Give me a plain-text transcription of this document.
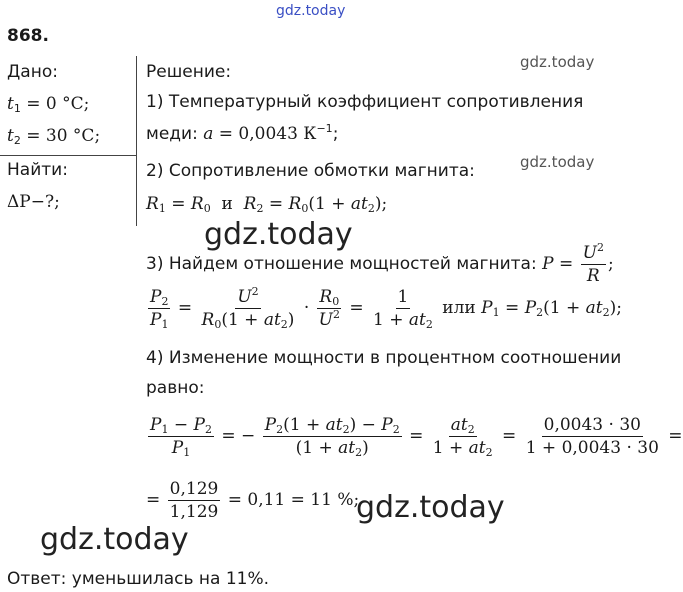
gdz.today
868.
Дано:
$t_1 = 0$ °C;
$t_2 = 30$ °C;
Найти:
ΔP−?;
Решение:	gdz.today
1) Температурный коэффициент сопротивления
меди: a = 0,0043 $К^{-1}$;
gdz.today
2) Сопротивление обмотки магнита:
$R_1 = R_0$ и $R_2 = R_0(1 + at_2)$;
gdz.today
3) Найдем отношение мощностей магнита: $P = \frac{U^2}{R}$ ;
$\frac{P_2}{P_1} = \frac{U^2}{R_0(1 + at_2)} \cdot \frac{R_0}{U^2} = \frac{1}{1 + at_2}$ или $P_1 = P_2(1 + at_2)$;
4) Изменение мощности в процентном соотношении
равно:
$\frac{P_1 - P_2}{P_1}$ = − $\frac{P_2(1 + at_2) - P_2}{(1 + at_2)} = \frac{at_2}{1 + at_2} = \frac{0,0043 \cdot 30}{1 + 0,0043 \cdot 30}$ =
= $\frac{0,129}{1,129} = 0,11 = 11$ %;
gdz.today
gdz.today
Ответ: уменьшилась на 11%.
